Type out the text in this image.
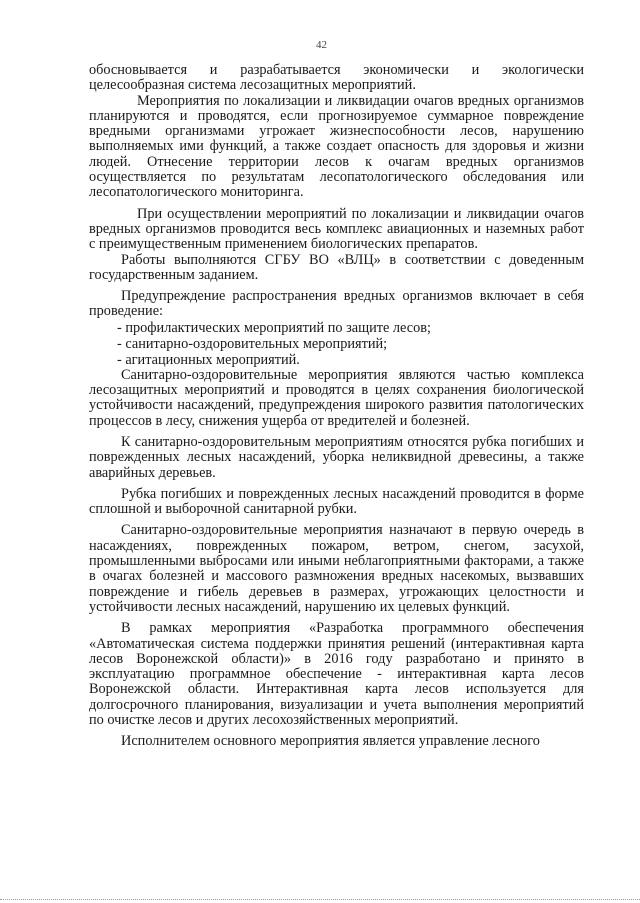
42

обосновывается и разрабатывается экономически и экологически целесообразная система лесозащитных мероприятий.

Мероприятия по локализации и ликвидации очагов вредных организмов планируются и проводятся, если прогнозируемое суммарное повреждение вредными организмами угрожает жизнеспособности лесов, нарушению выполняемых ими функций, а также создает опасность для здоровья и жизни людей. Отнесение территории лесов к очагам вредных организмов осуществляется по результатам лесопатологического обследования или лесопатологического мониторинга.

При осуществлении мероприятий по локализации и ликвидации очагов вредных организмов проводится весь комплекс авиационных и наземных работ с преимущественным применением биологических препаратов.

Работы выполняются СГБУ ВО «ВЛЦ» в соответствии с доведенным государственным заданием.

Предупреждение распространения вредных организмов включает в себя проведение:

- профилактических мероприятий по защите лесов;

- санитарно-оздоровительных мероприятий;

- агитационных мероприятий.

Санитарно-оздоровительные мероприятия являются частью комплекса лесозащитных мероприятий и проводятся в целях сохранения биологической устойчивости насаждений, предупреждения широкого развития патологических процессов в лесу, снижения ущерба от вредителей и болезней.

К санитарно-оздоровительным мероприятиям относятся рубка погибших и поврежденных лесных насаждений, уборка неликвидной древесины, а также аварийных деревьев.

Рубка погибших и поврежденных лесных насаждений проводится в форме сплошной и выборочной санитарной рубки.

Санитарно-оздоровительные мероприятия назначают в первую очередь в насаждениях, поврежденных пожаром, ветром, снегом, засухой, промышленными выбросами или иными неблагоприятными факторами, а также в очагах болезней и массового размножения вредных насекомых, вызвавших повреждение и гибель деревьев в размерах, угрожающих целостности и устойчивости лесных насаждений, нарушению их целевых функций.

В рамках мероприятия «Разработка программного обеспечения «Автоматическая система поддержки принятия решений (интерактивная карта лесов Воронежской области)» в 2016 году разработано и принято в эксплуатацию программное обеспечение - интерактивная карта лесов Воронежской области. Интерактивная карта лесов используется для долгосрочного планирования, визуализации и учета выполнения мероприятий по очистке лесов и других лесохозяйственных мероприятий.

Исполнителем основного мероприятия является управление лесного
